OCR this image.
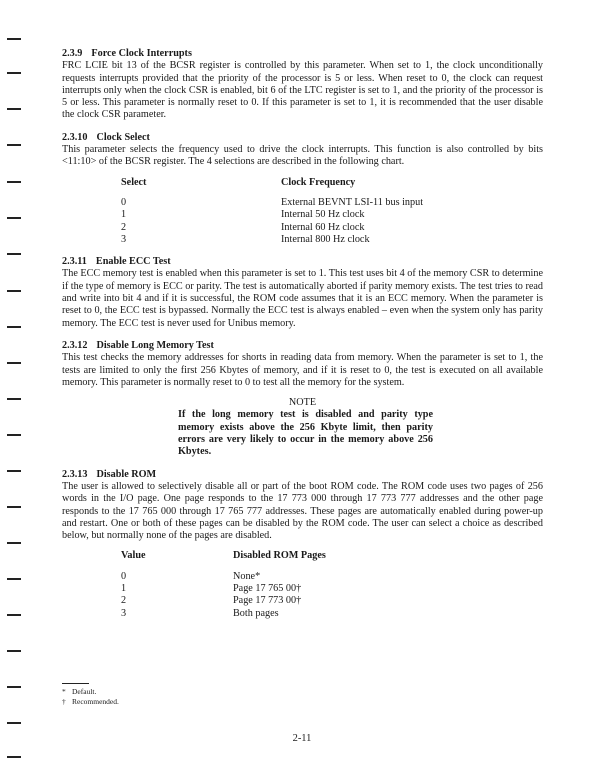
2.3.9 Force Clock Interrupts

FRC LCIE bit 13 of the BCSR register is controlled by this parameter. When set to 1, the clock unconditionally requests interrupts provided that the priority of the processor is 5 or less. When reset to 0, the clock can request interrupts only when the clock CSR is enabled, bit 6 of the LTC register is set to 1, and the priority of the processor is 5 or less. This parameter is normally reset to 0. If this parameter is set to 1, it is recommended that the user disable the clock CSR parameter.

2.3.10 Clock Select

This parameter selects the frequency used to drive the clock interrupts. This function is also controlled by bits <11:10> of the BCSR register. The 4 selections are described in the following chart.

Select	Clock Frequency
0	External BEVNT LSI-11 bus input
1	Internal 50 Hz clock
2	Internal 60 Hz clock
3	Internal 800 Hz clock

2.3.11 Enable ECC Test

The ECC memory test is enabled when this parameter is set to 1. This test uses bit 4 of the memory CSR to determine if the type of memory is ECC or parity. The test is automatically aborted if parity memory exists. The test tries to read and write into bit 4 and if it is successful, the ROM code assumes that it is an ECC memory. When the parameter is reset to 0, the ECC test is bypassed. Normally the ECC test is always enabled – even when the system only has parity memory. The ECC test is never used for Unibus memory.

2.3.12 Disable Long Memory Test

This test checks the memory addresses for shorts in reading data from memory. When the parameter is set to 1, the tests are limited to only the first 256 Kbytes of memory, and if it is reset to 0, the test is executed on all available memory. This parameter is normally reset to 0 to test all the memory for the system.

NOTE

If the long memory test is disabled and parity type memory exists above the 256 Kbyte limit, then parity errors are very likely to occur in the memory above 256 Kbytes.

2.3.13 Disable ROM

The user is allowed to selectively disable all or part of the boot ROM code. The ROM code uses two pages of 256 words in the I/O page. One page responds to the 17 773 000 through 17 773 777 addresses and the other page responds to the 17 765 000 through 17 765 777 addresses. These pages are automatically enabled during power-up and restart. One or both of these pages can be disabled by the ROM code. The user can select a choice as described below, but normally none of the pages are disabled.

Value	Disabled ROM Pages
0	None*
1	Page 17 765 00†
2	Page 17 773 00†
3	Both pages
* Default.
† Recommended.
2-11
